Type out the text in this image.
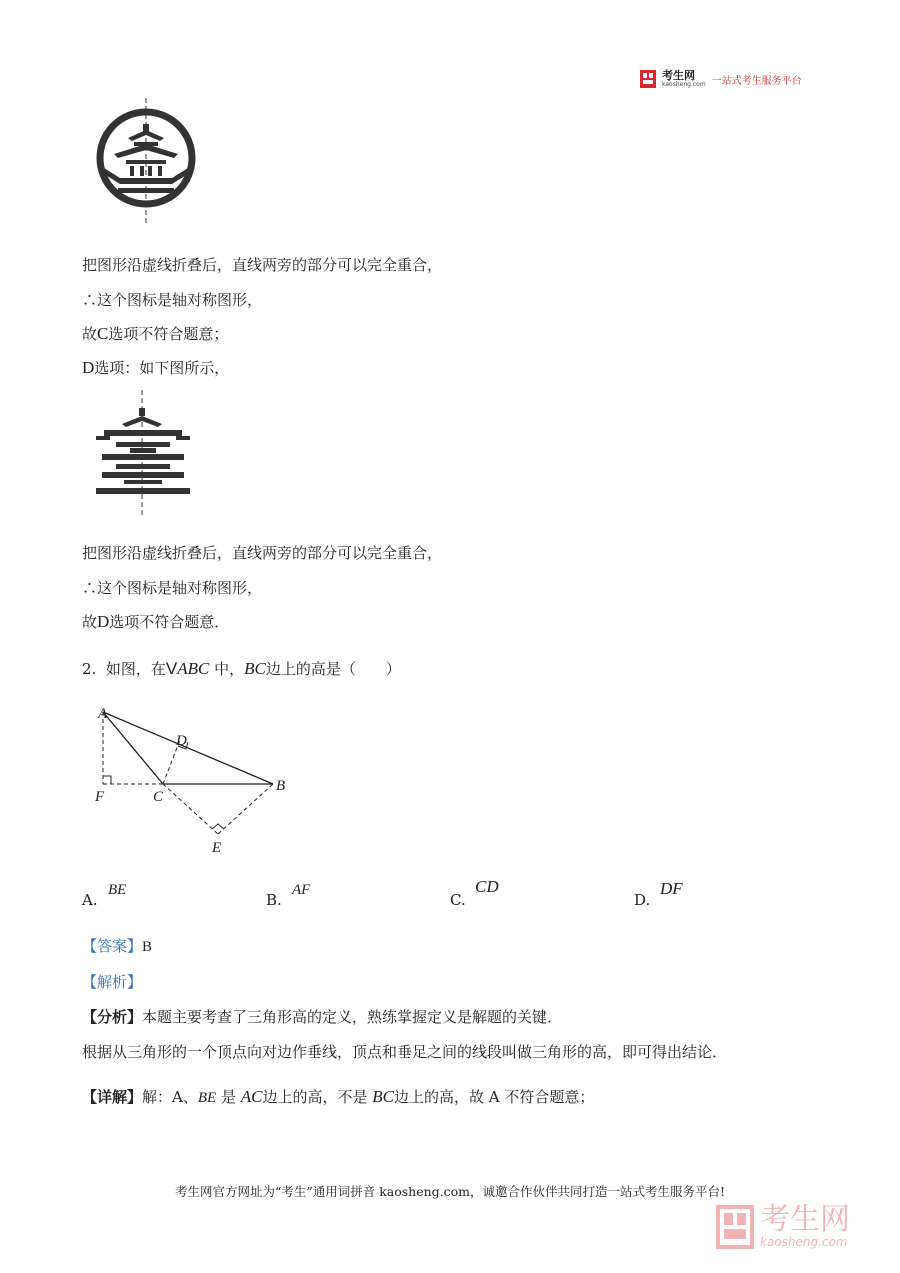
考生网
kaosheng.com 一站式考生服务平台
把图形沿虚线折叠后，直线两旁的部分可以完全重合，
∴这个图标是轴对称图形，
故C选项不符合题意；
D选项：如下图所示，
把图形沿虚线折叠后，直线两旁的部分可以完全重合，
∴这个图标是轴对称图形，
故D选项不符合题意．
2. 如图，在VABC 中，BC边上的高是（　　）
A
B
C
D
E
F
A.
BE
B.
AF
C.
CD
D.
DF
【答案】B
【解析】
【分析】本题主要考查了三角形高的定义，熟练掌握定义是解题的关键．
根据从三角形的一个顶点向对边作垂线，顶点和垂足之间的线段叫做三角形的高，即可得出结论．
【详解】解：A、BE 是 AC边上的高，不是 BC边上的高，故 A 不符合题意；
考生网官方网址为“考生”通用词拼音 kaosheng.com，诚邀合作伙伴共同打造一站式考生服务平台!
考生网
kaosheng.com
